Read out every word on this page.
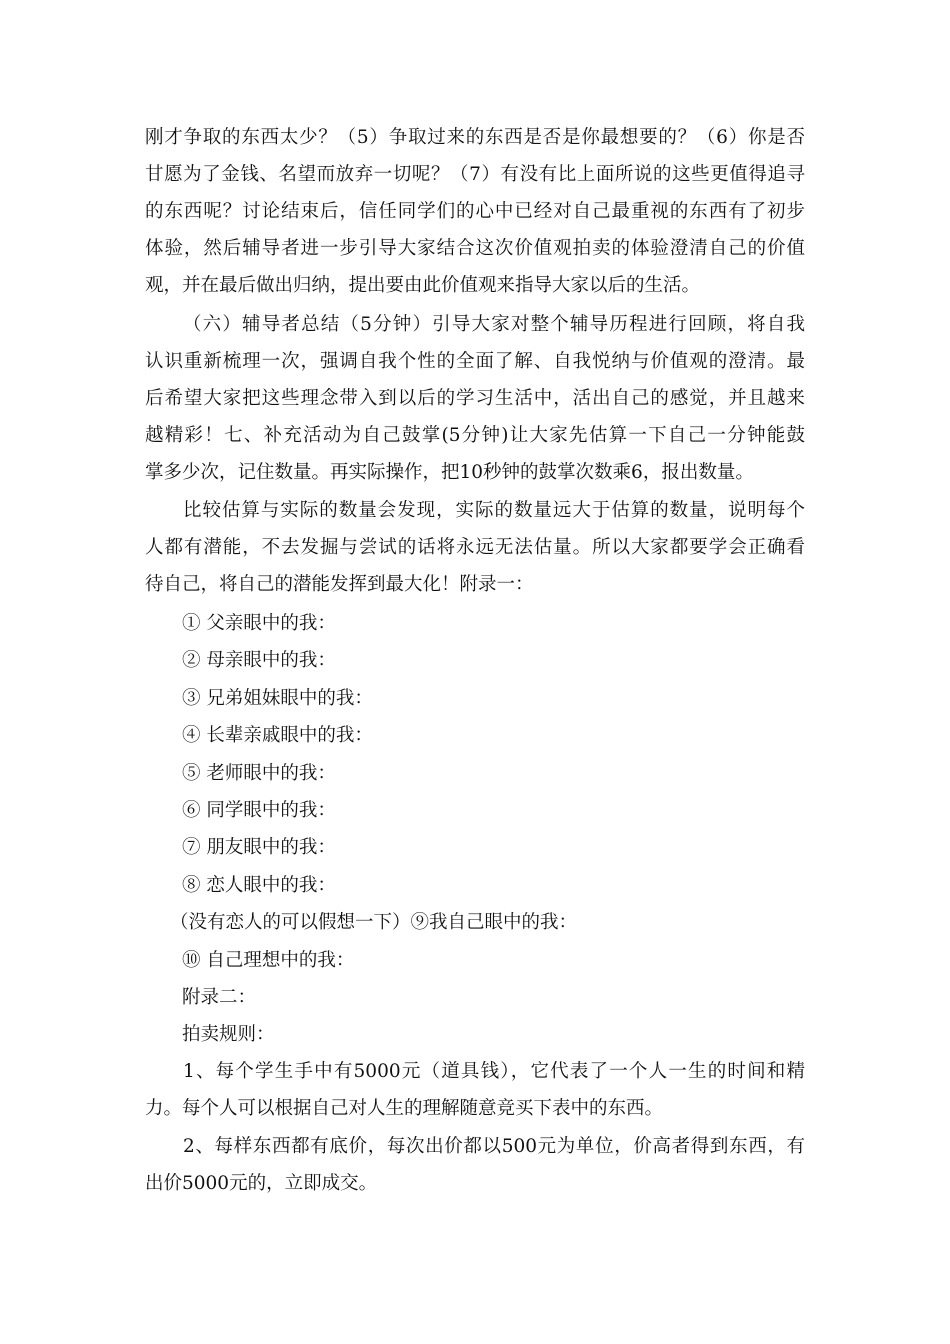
刚才争取的东西太少？（5）争取过来的东西是否是你最想要的？（6）你是否
甘愿为了金钱、名望而放弃一切呢？（7）有没有比上面所说的这些更值得追寻
的东西呢？讨论结束后，信任同学们的心中已经对自己最重视的东西有了初步
体验，然后辅导者进一步引导大家结合这次价值观拍卖的体验澄清自己的价值
观，并在最后做出归纳，提出要由此价值观来指导大家以后的生活。
（六）辅导者总结（5分钟）引导大家对整个辅导历程进行回顾，将自我
认识重新梳理一次，强调自我个性的全面了解、自我悦纳与价值观的澄清。最
后希望大家把这些理念带入到以后的学习生活中，活出自己的感觉，并且越来
越精彩！七、补充活动为自己鼓掌(5分钟)让大家先估算一下自己一分钟能鼓
掌多少次，记住数量。再实际操作，把10秒钟的鼓掌次数乘6，报出数量。
比较估算与实际的数量会发现，实际的数量远大于估算的数量，说明每个
人都有潜能，不去发掘与尝试的话将永远无法估量。所以大家都要学会正确看
待自己，将自己的潜能发挥到最大化！附录一：
① 父亲眼中的我：
② 母亲眼中的我：
③ 兄弟姐妹眼中的我：
④ 长辈亲戚眼中的我：
⑤ 老师眼中的我：
⑥ 同学眼中的我：
⑦ 朋友眼中的我：
⑧ 恋人眼中的我：
（没有恋人的可以假想一下）⑨我自己眼中的我：
⑩ 自己理想中的我：
附录二：
拍卖规则：
1、每个学生手中有5000元（道具钱），它代表了一个人一生的时间和精
力。每个人可以根据自己对人生的理解随意竞买下表中的东西。
2、每样东西都有底价，每次出价都以500元为单位，价高者得到东西，有
出价5000元的，立即成交。
